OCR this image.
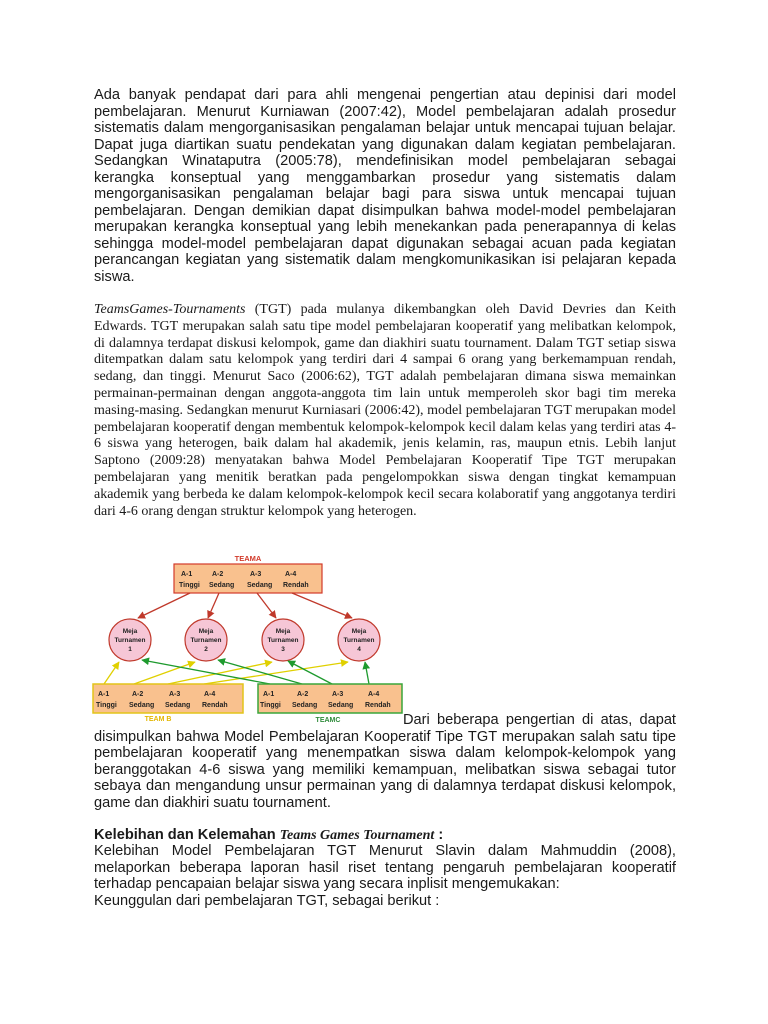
Ada banyak pendapat dari para ahli mengenai pengertian atau depinisi dari model pembelajaran. Menurut Kurniawan (2007:42), Model pembelajaran adalah prosedur sistematis dalam mengorganisasikan pengalaman belajar untuk mencapai tujuan belajar. Dapat juga diartikan suatu pendekatan yang digunakan dalam kegiatan pembelajaran. Sedangkan Winataputra (2005:78), mendefinisikan model pembelajaran sebagai kerangka konseptual yang menggambarkan prosedur yang sistematis dalam mengorganisasikan pengalaman belajar bagi para siswa untuk mencapai tujuan pembelajaran. Dengan demikian dapat disimpulkan bahwa model-model pembelajaran merupakan kerangka konseptual yang lebih menekankan pada penerapannya di kelas sehingga model-model pembelajaran dapat digunakan sebagai acuan pada kegiatan perancangan kegiatan yang sistematik dalam mengkomunikasikan isi pelajaran kepada siswa.

TeamsGames-Tournaments (TGT) pada mulanya dikembangkan oleh David Devries dan Keith Edwards. TGT merupakan salah satu tipe model pembelajaran kooperatif yang melibatkan kelompok, di dalamnya terdapat diskusi kelompok, game dan diakhiri suatu tournament. Dalam TGT setiap siswa ditempatkan dalam satu kelompok yang terdiri dari 4 sampai 6 orang yang berkemampuan rendah, sedang, dan tinggi. Menurut Saco (2006:62), TGT adalah pembelajaran dimana siswa memainkan permainan-permainan dengan anggota-anggota tim lain untuk memperoleh skor bagi tim mereka masing-masing. Sedangkan menurut Kurniasari (2006:42), model pembelajaran TGT merupakan model pembelajaran kooperatif dengan membentuk kelompok-kelompok kecil dalam kelas yang terdiri atas 4-6 siswa yang heterogen, baik dalam hal akademik, jenis kelamin, ras, maupun etnis. Lebih lanjut Saptono (2009:28) menyatakan bahwa Model Pembelajaran Kooperatif Tipe TGT merupakan pembelajaran yang menitik beratkan pada pengelompokkan siswa dengan tingkat kemampuan akademik yang berbeda ke dalam kelompok-kelompok kecil secara kolaboratif yang anggotanya terdiri dari 4-6 orang dengan struktur kelompok yang heterogen.

TEAMA
A-1
Tinggi
A-2
Sedang
A-3
Sedang
A-4
Rendah
Meja
Turnamen
1
Meja
Turnamen
2
Meja
Turnamen
3
Meja
Turnamen
4
A-1
Tinggi
A-2
Sedang
A-3
Sedang
A-4
Rendah
TEAM B
A-1
Tinggi
A-2
Sedang
A-3
Sedang
A-4
Rendah
TEAMC	Dari beberapa pengertian di atas, dapat disimpulkan bahwa Model Pembelajaran Kooperatif Tipe TGT merupakan salah satu tipe pembelajaran kooperatif yang menempatkan siswa dalam kelompok-kelompok yang beranggotakan 4-6 siswa yang memiliki kemampuan, melibatkan siswa sebagai tutor sebaya dan mengandung unsur permainan yang di dalamnya terdapat diskusi kelompok, game dan diakhiri suatu tournament.

Kelebihan dan Kelemahan Teams Games Tournament :

Kelebihan Model Pembelajaran TGT Menurut Slavin dalam Mahmuddin (2008), melaporkan beberapa laporan hasil riset tentang pengaruh pembelajaran kooperatif terhadap pencapaian belajar siswa yang secara inplisit mengemukakan:

Keunggulan dari pembelajaran TGT, sebagai berikut :
